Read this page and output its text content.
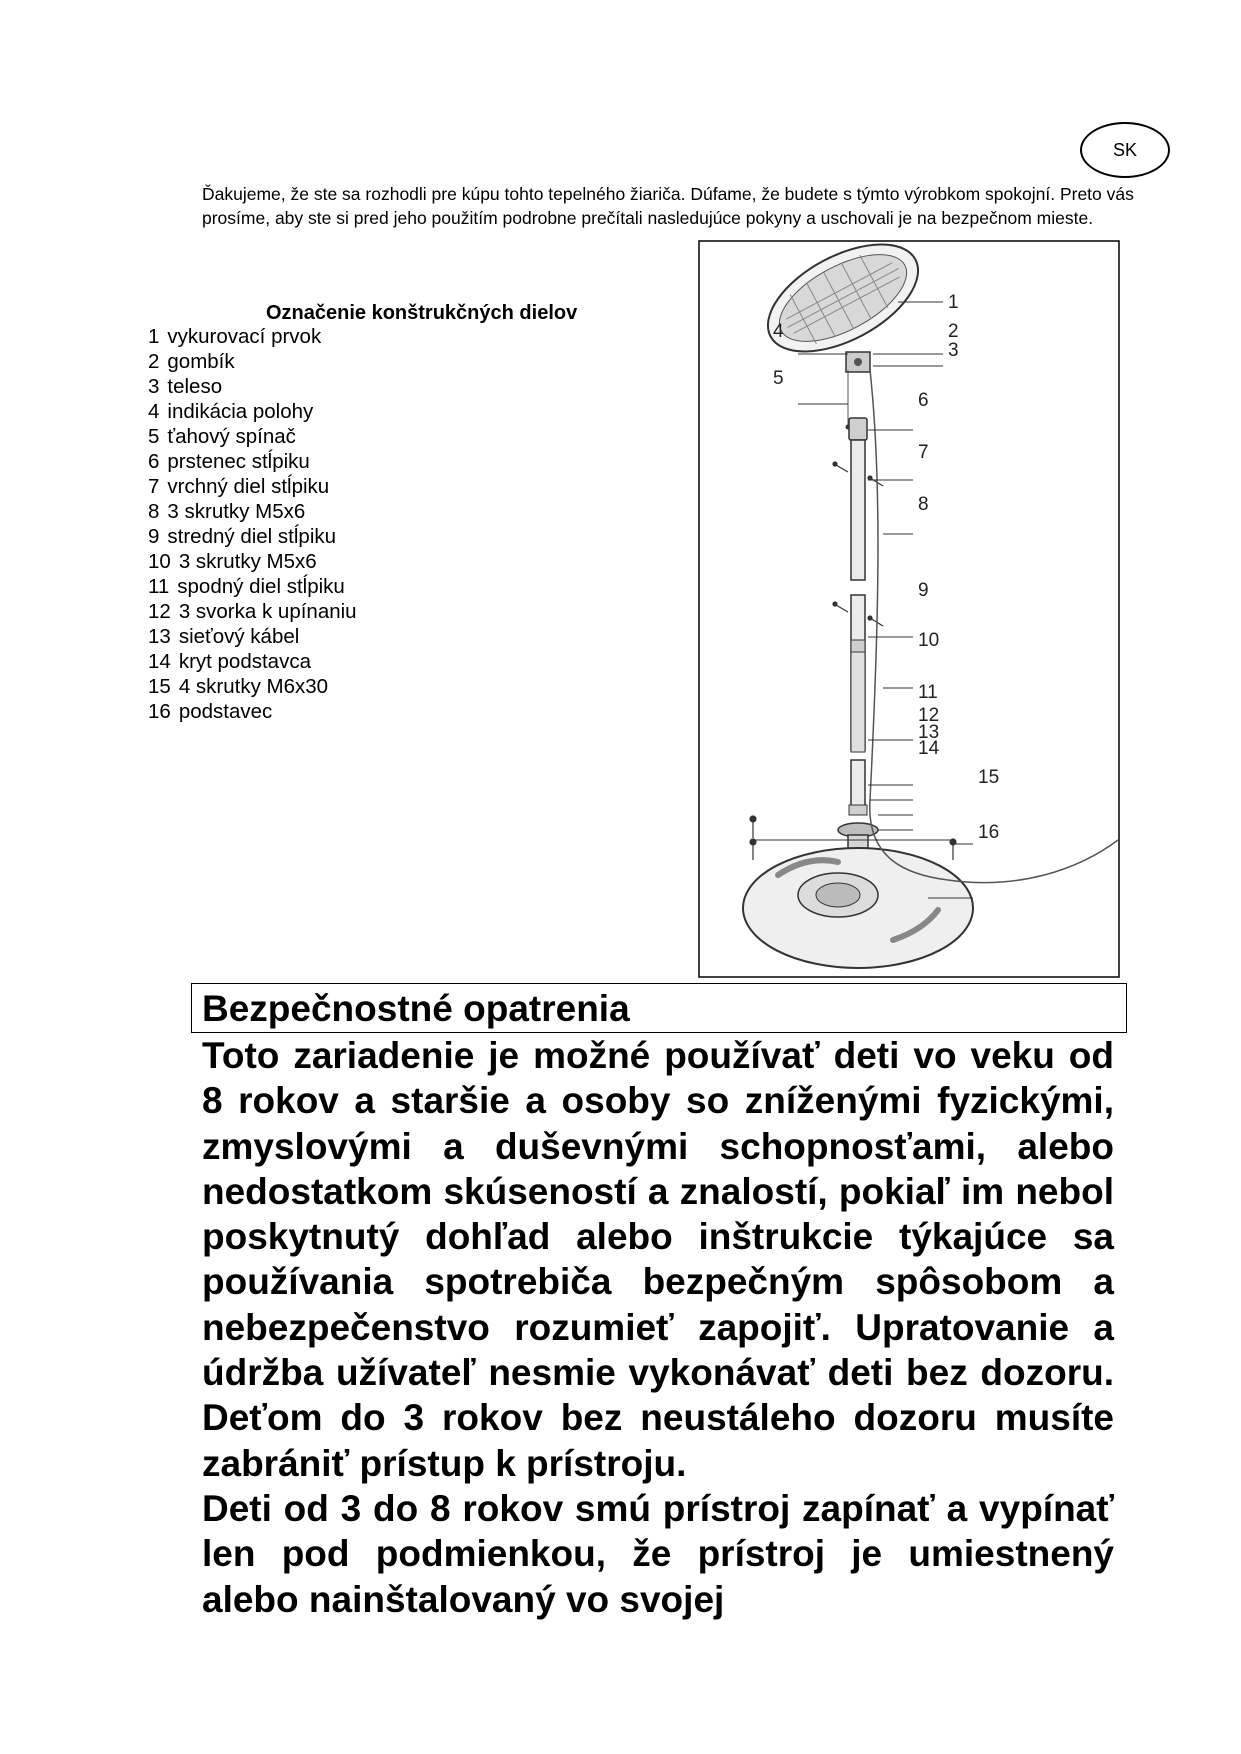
SK

Ďakujeme, že ste sa rozhodli pre kúpu tohto tepelného žiariča. Dúfame, že budete s týmto výrobkom spokojní. Preto vás prosíme, aby ste si pred jeho použitím podrobne prečítali nasledujúce pokyny a uschovali je na bezpečnom mieste.

Označenie konštrukčných dielov
1 vykurovací prvok
2 gombík
3 teleso
4 indikácia polohy
5 ťahový spínač
6 prstenec stĺpiku
7 vrchný diel stĺpiku
8 3 skrutky M5x6
9 stredný diel stĺpiku
10 3 skrutky M5x6
11 spodný diel stĺpiku
12 3 svorka k upínaniu
13 sieťový kábel
14 kryt podstavca
15 4 skrutky M6x30
16 podstavec
1
2
3
4
5
6
7
8
9
10
11
12
13
14
15
16
Bezpečnostné opatrenia

Toto zariadenie je možné používať deti vo veku od 8 rokov a staršie a osoby so zníženými fyzickými, zmyslovými a duševnými schopnosťami, alebo nedostatkom skúseností a znalostí, pokiaľ im nebol poskytnutý dohľad alebo inštrukcie týkajúce sa používania spotrebiča bezpečným spôsobom a nebezpečenstvo rozumieť zapojiť. Upratovanie a údržba užívateľ nesmie vykonávať deti bez dozoru. Deťom do 3 rokov bez neustáleho dozoru musíte zabrániť prístup k prístroju.

Deti od 3 do 8 rokov smú prístroj zapínať a vypínať len pod podmienkou, že prístroj je umiestnený alebo nainštalovaný vo svojej
